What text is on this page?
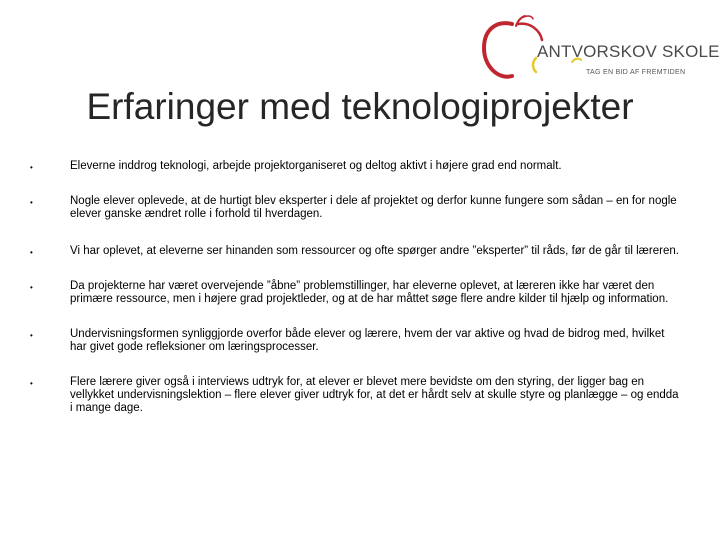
ANTVORSKOV SKOLE
TAG EN BID AF FREMTIDEN
Erfaringer med teknologiprojekter
•	Eleverne inddrog teknologi, arbejde projektorganiseret og deltog aktivt i højere grad end normalt.
•	Nogle elever oplevede, at de hurtigt blev eksperter i dele af projektet og derfor kunne fungere som sådan – en for nogle elever ganske ændret rolle i forhold til hverdagen.
•	Vi har oplevet, at eleverne ser hinanden som ressourcer og ofte spørger andre ”eksperter” til råds, før de går til læreren.
•	Da projekterne har været overvejende ”åbne” problemstillinger, har eleverne oplevet, at læreren ikke har været den primære ressource, men i højere grad projektleder, og at de har måttet søge flere andre kilder til hjælp og information.
•	Undervisningsformen synliggjorde overfor både elever og lærere, hvem der var aktive og hvad de bidrog med, hvilket har givet gode refleksioner om læringsprocesser.
•	Flere lærere giver også i interviews udtryk for, at elever er blevet mere bevidste om den styring, der ligger bag en vellykket undervisningslektion – flere elever giver udtryk for, at det er hårdt selv at skulle styre og planlægge – og endda i mange dage.
